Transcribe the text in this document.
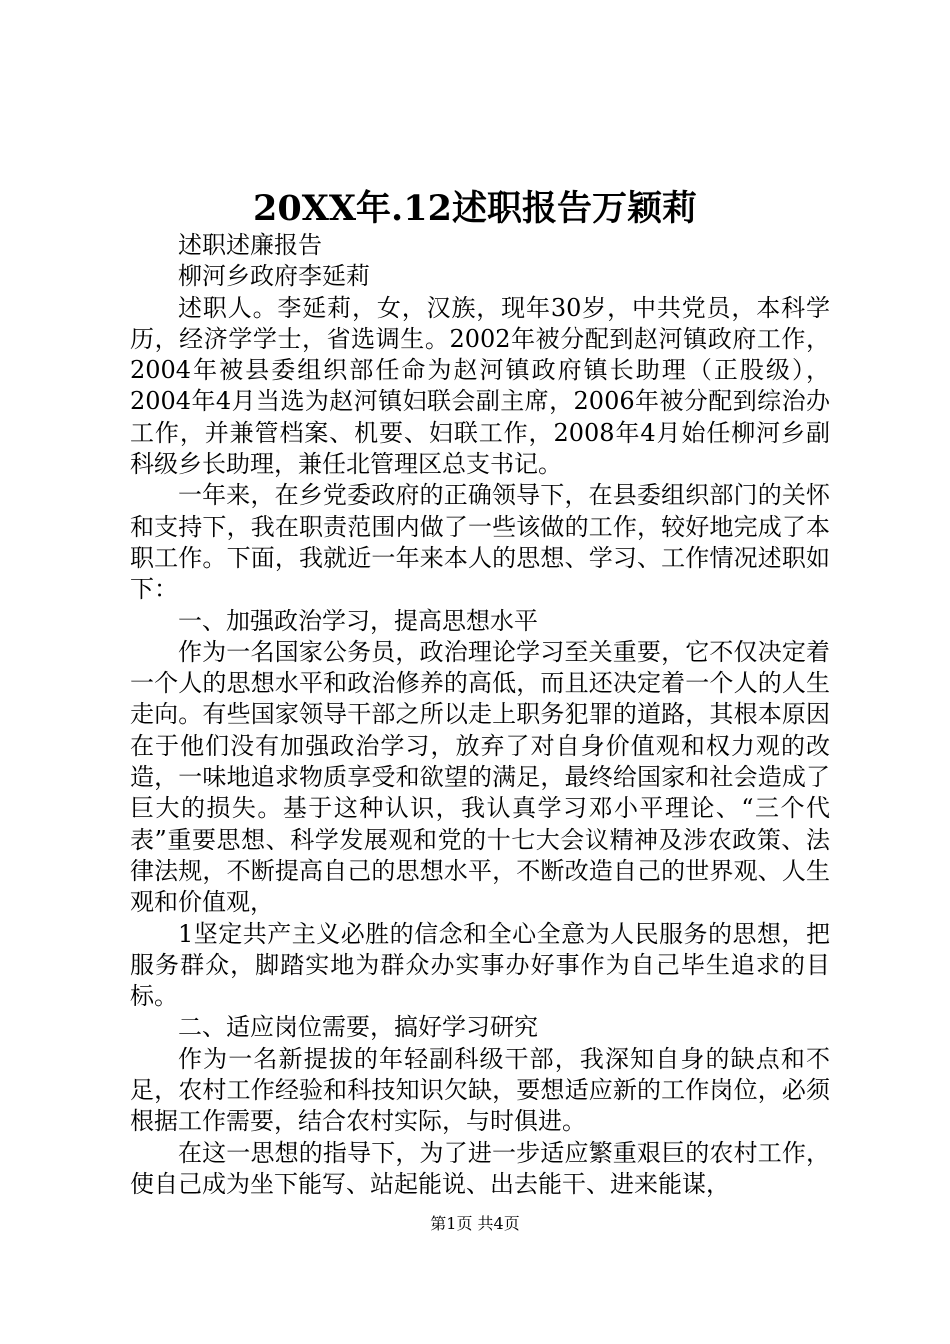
20XX年.12述职报告万颖莉

述职述廉报告

柳河乡政府李延莉

述职人。李延莉，女，汉族，现年30岁，中共党员，本科学历，经济学学士，省选调生。2002年被分配到赵河镇政府工作，2004年被县委组织部任命为赵河镇政府镇长助理（正股级），2004年4月当选为赵河镇妇联会副主席，2006年被分配到综治办工作，并兼管档案、机要、妇联工作，2008年4月始任柳河乡副科级乡长助理，兼任北管理区总支书记。

一年来，在乡党委政府的正确领导下，在县委组织部门的关怀和支持下，我在职责范围内做了一些该做的工作，较好地完成了本职工作。下面，我就近一年来本人的思想、学习、工作情况述职如下：

一、加强政治学习，提高思想水平

作为一名国家公务员，政治理论学习至关重要，它不仅决定着一个人的思想水平和政治修养的高低，而且还决定着一个人的人生走向。有些国家领导干部之所以走上职务犯罪的道路，其根本原因在于他们没有加强政治学习，放弃了对自身价值观和权力观的改造，一味地追求物质享受和欲望的满足，最终给国家和社会造成了巨大的损失。基于这种认识，我认真学习邓小平理论、“三个代表”重要思想、科学发展观和党的十七大会议精神及涉农政策、法律法规，不断提高自己的思想水平，不断改造自己的世界观、人生观和价值观，

1坚定共产主义必胜的信念和全心全意为人民服务的思想，把服务群众，脚踏实地为群众办实事办好事作为自己毕生追求的目标。

二、适应岗位需要，搞好学习研究

作为一名新提拔的年轻副科级干部，我深知自身的缺点和不足，农村工作经验和科技知识欠缺，要想适应新的工作岗位，必须根据工作需要，结合农村实际，与时俱进。

在这一思想的指导下，为了进一步适应繁重艰巨的农村工作，使自己成为坐下能写、站起能说、出去能干、进来能谋，

第1页 共4页
